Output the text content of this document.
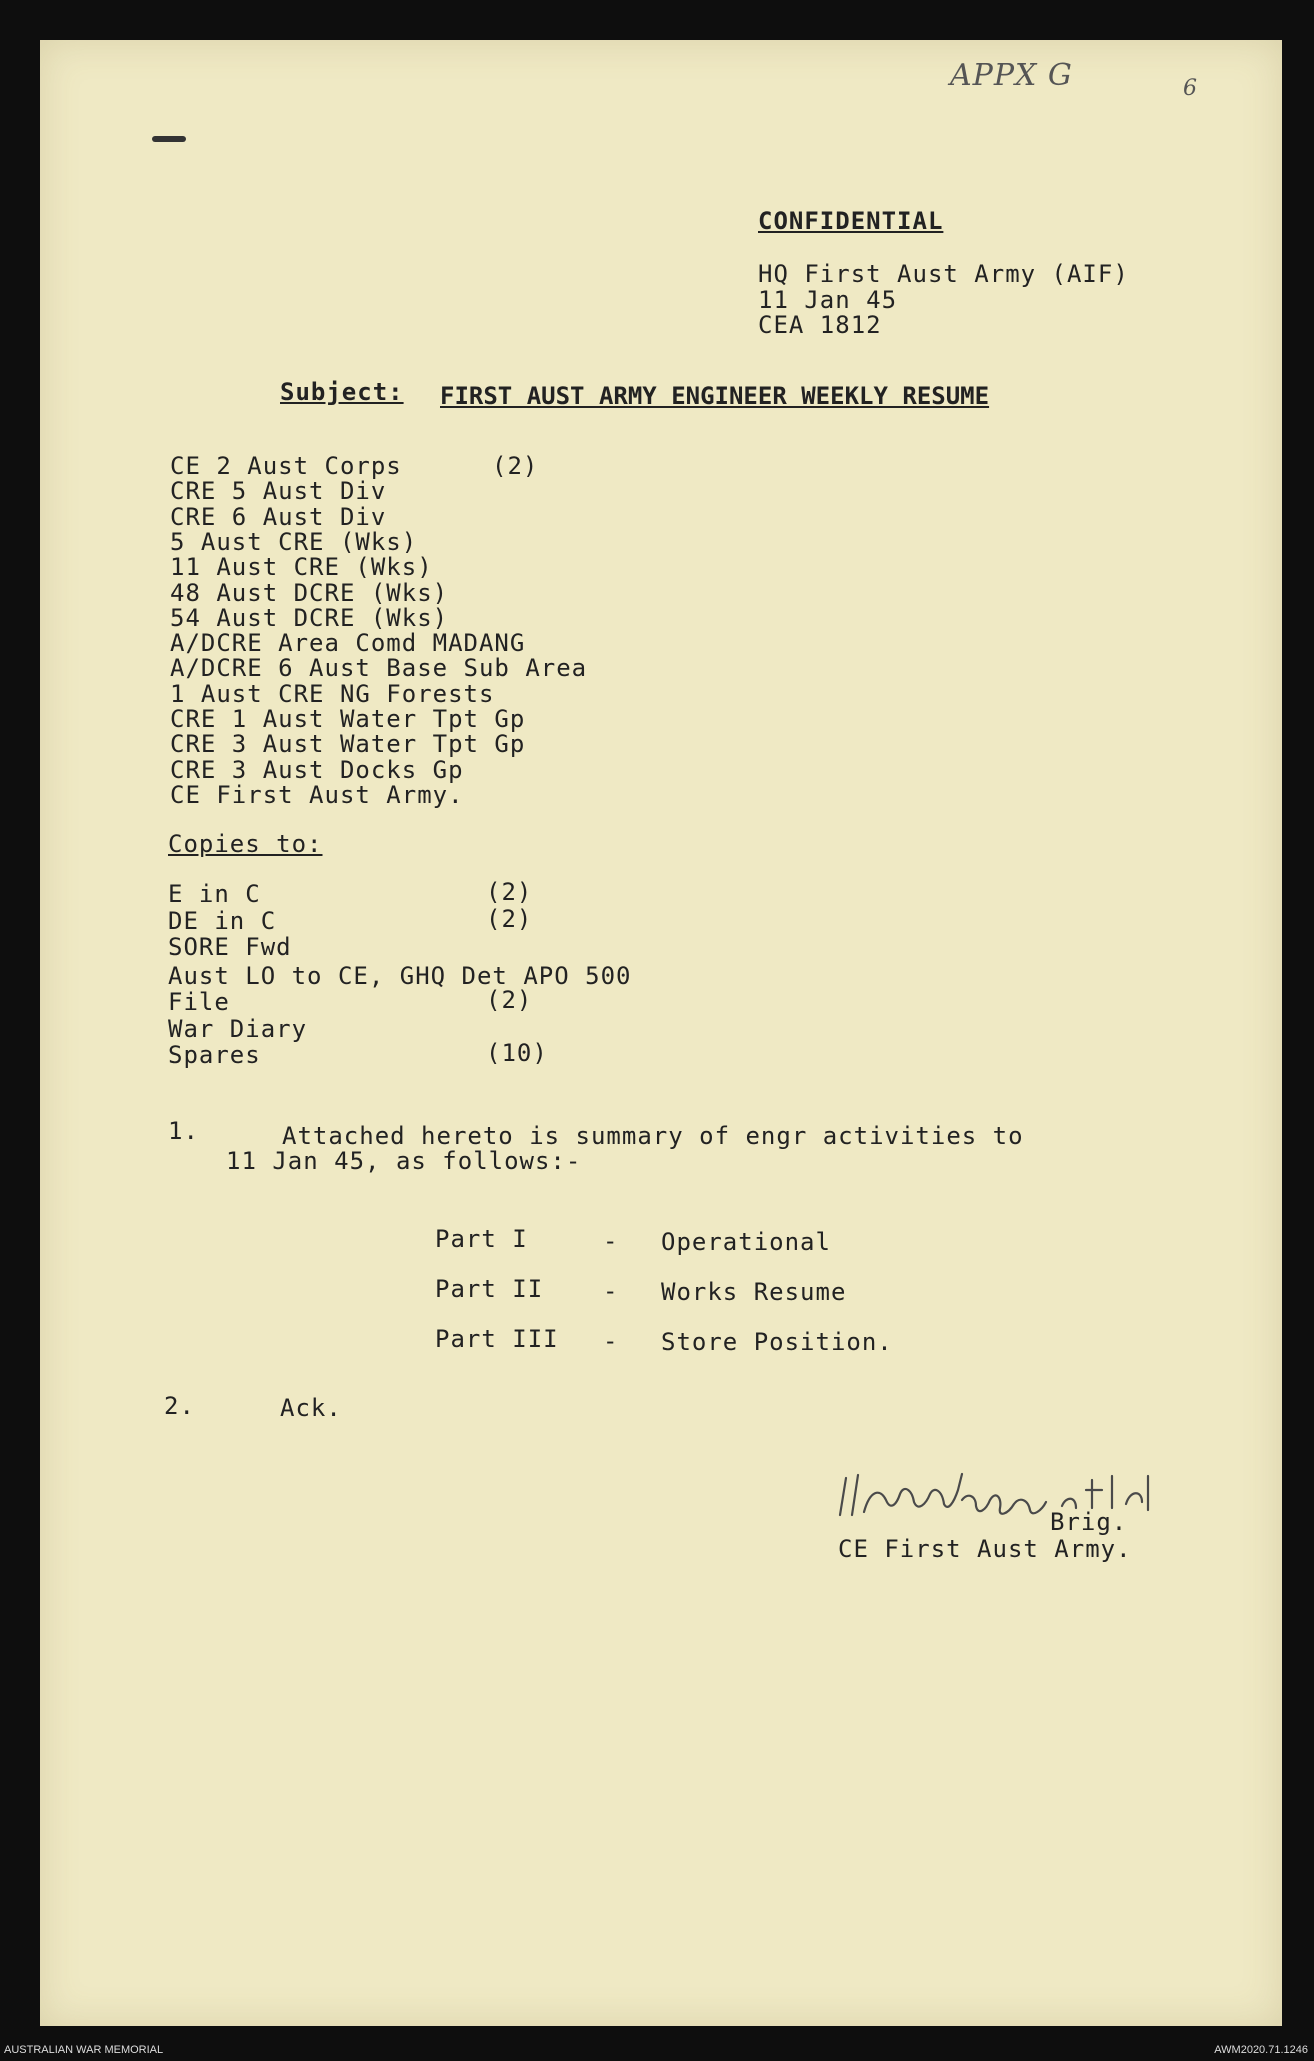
APPX G	6
CONFIDENTIAL
HQ First Aust Army (AIF)
11 Jan 45
CEA 1812
Subject: FIRST AUST ARMY ENGINEER WEEKLY RESUME
CE 2 Aust Corps	(2)
CRE 5 Aust Div
CRE 6 Aust Div
5 Aust CRE (Wks)
11 Aust CRE (Wks)
48 Aust DCRE (Wks)
54 Aust DCRE (Wks)
A/DCRE Area Comd MADANG
A/DCRE 6 Aust Base Sub Area
1 Aust CRE NG Forests
CRE 1 Aust Water Tpt Gp
CRE 3 Aust Water Tpt Gp
CRE 3 Aust Docks Gp
CE First Aust Army.
Copies to:
E in C	(2)
DE in C	(2)
SORE Fwd
Aust LO to CE, GHQ Det APO 500
File	(2)
War Diary
Spares	(10)
1.	Attached hereto is summary of engr activities to
11 Jan 45, as follows:-
Part I	- Operational
Part II - Works Resume
Part III - Store Position.
2.	Ack.
Brig.
CE First Aust Army.
AUSTRALIAN WAR MEMORIAL	AWM2020.71.1246
